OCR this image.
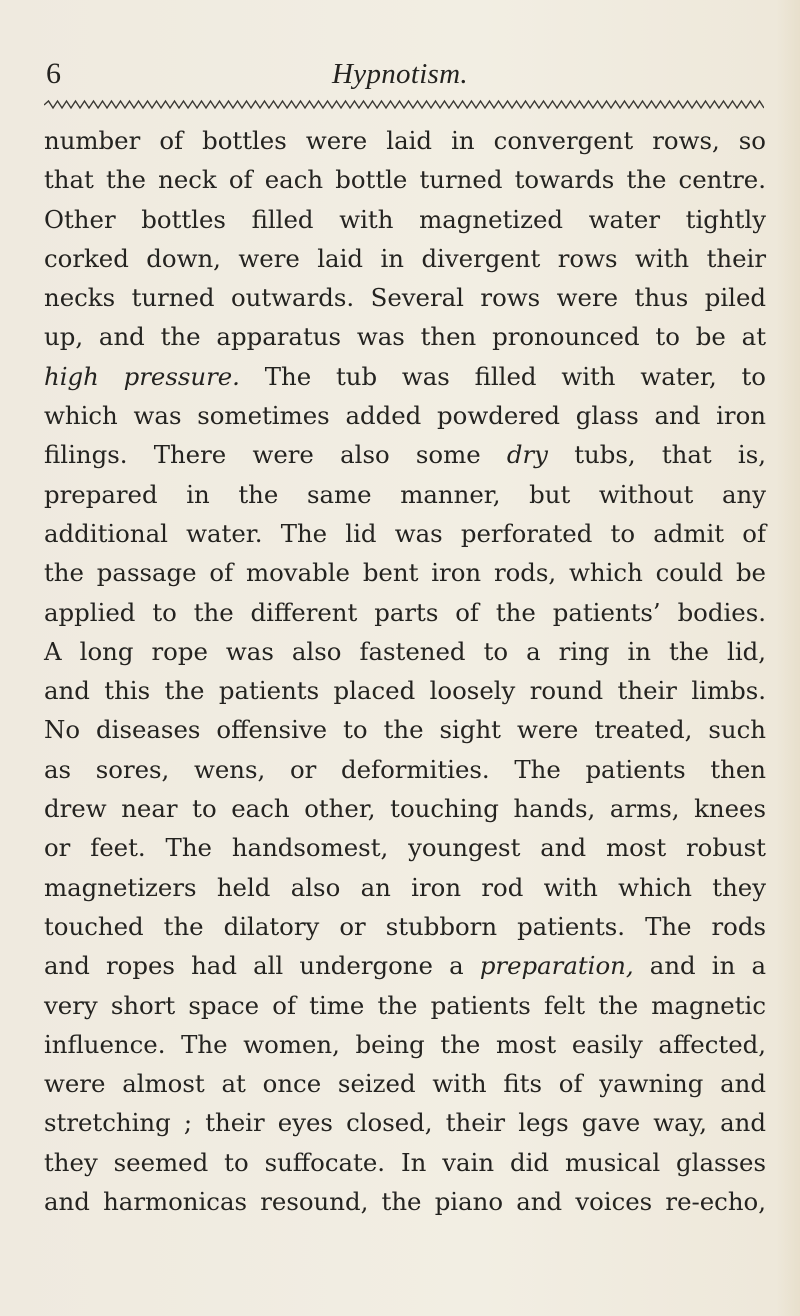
6	Hypnotism.
number of bottles were laid in convergent rows, so
that the neck of each bottle turned towards the centre.
Other bottles filled with magnetized water tightly
corked down, were laid in divergent rows with their
necks turned outwards. Several rows were thus piled
up, and the apparatus was then pronounced to be at
high pressure. The tub was filled with water, to
which was sometimes added powdered glass and iron
filings. There were also some dry tubs, that is,
prepared in the same manner, but without any
additional water. The lid was perforated to admit of
the passage of movable bent iron rods, which could be
applied to the different parts of the patients’ bodies.
A long rope was also fastened to a ring in the lid,
and this the patients placed loosely round their limbs.
No diseases offensive to the sight were treated, such
as sores, wens, or deformities. The patients then
drew near to each other, touching hands, arms, knees
or feet. The handsomest, youngest and most robust
magnetizers held also an iron rod with which they
touched the dilatory or stubborn patients. The rods
and ropes had all undergone a preparation, and in a
very short space of time the patients felt the magnetic
influence. The women, being the most easily affected,
were almost at once seized with fits of yawning and
stretching ; their eyes closed, their legs gave way, and
they seemed to suffocate. In vain did musical glasses
and harmonicas resound, the piano and voices re-echo,
